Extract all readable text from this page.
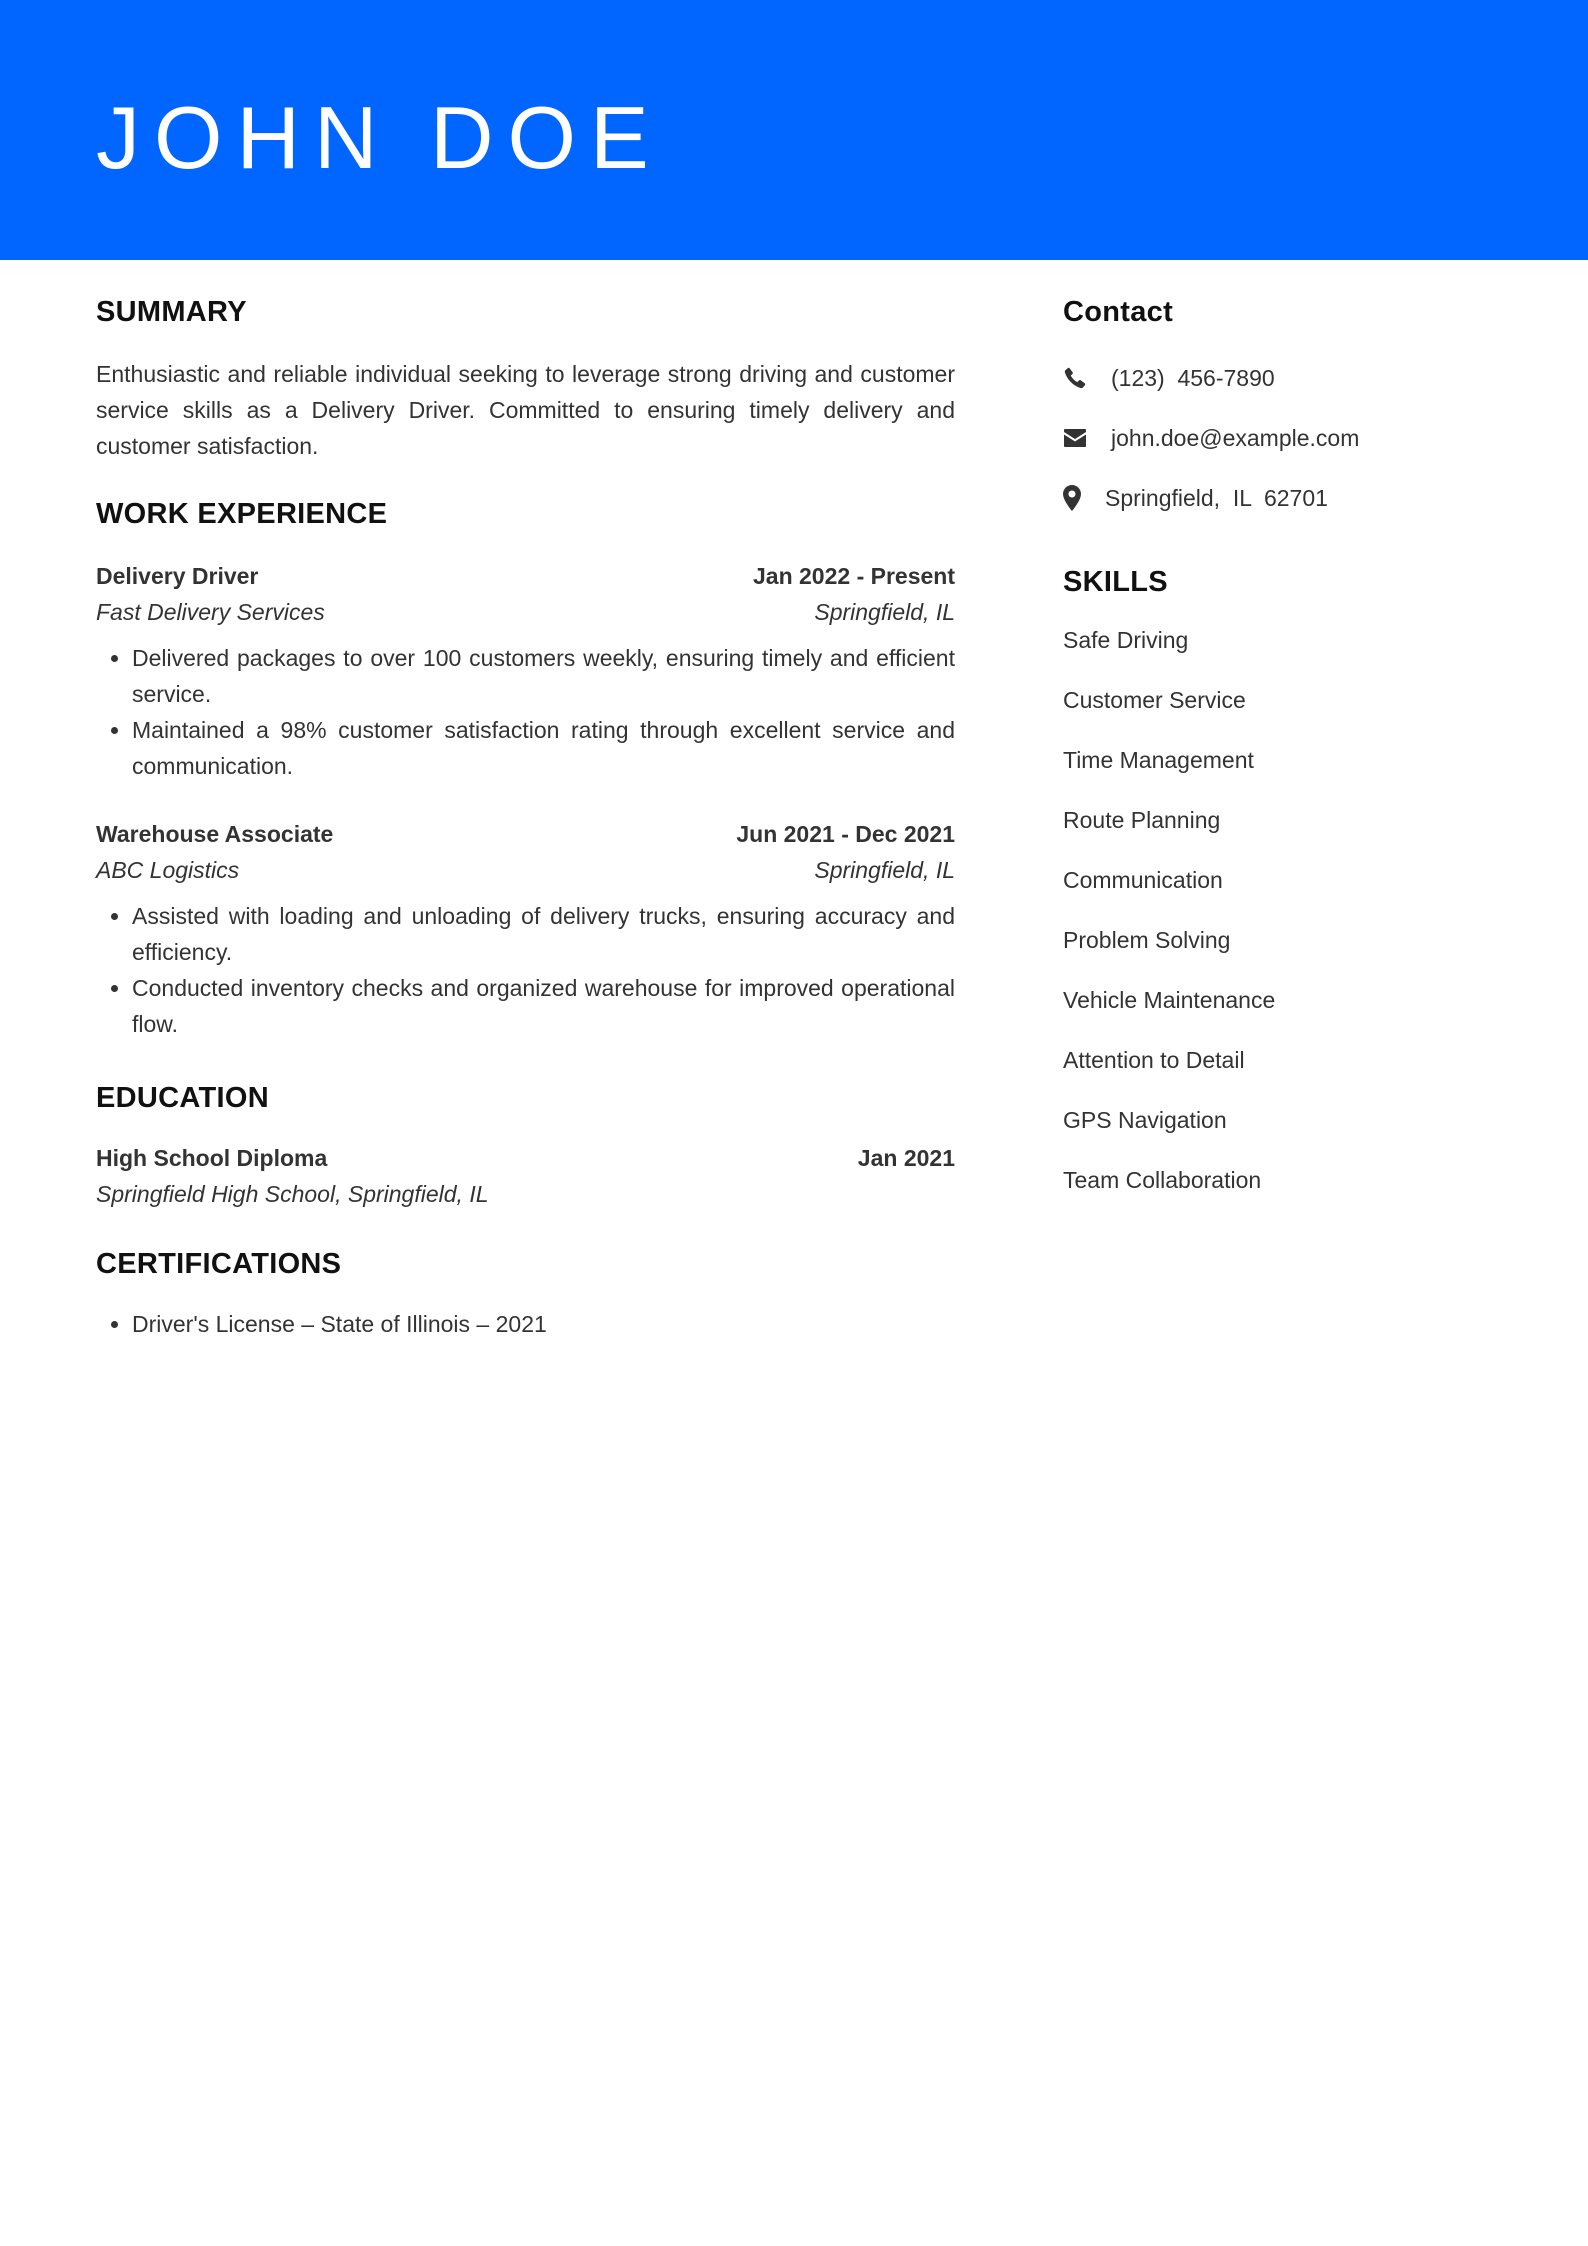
JOHN DOE
SUMMARY

Enthusiastic and reliable individual seeking to leverage strong driving and customer service skills as a Delivery Driver. Committed to ensuring timely delivery and customer satisfaction.

WORK EXPERIENCE
Delivery Driver	Jan 2022 - Present
Fast Delivery Services	Springfield, IL
• Delivered packages to over 100 customers weekly, ensuring timely and efficient service.
• Maintained a 98% customer satisfaction rating through excellent service and communication.
Warehouse Associate	Jun 2021 - Dec 2021
ABC Logistics	Springfield, IL
• Assisted with loading and unloading of delivery trucks, ensuring accuracy and efficiency.
• Conducted inventory checks and organized warehouse for improved operational flow.
EDUCATION
High School Diploma	Jan 2021
Springfield High School, Springfield, IL
CERTIFICATIONS
• Driver's License – State of Illinois – 2021
Contact
(123)  456-7890
john.doe@example.com
Springfield,  IL  62701
SKILLS
Safe Driving
Customer Service
Time Management
Route Planning
Communication
Problem Solving
Vehicle Maintenance
Attention to Detail
GPS Navigation
Team Collaboration
